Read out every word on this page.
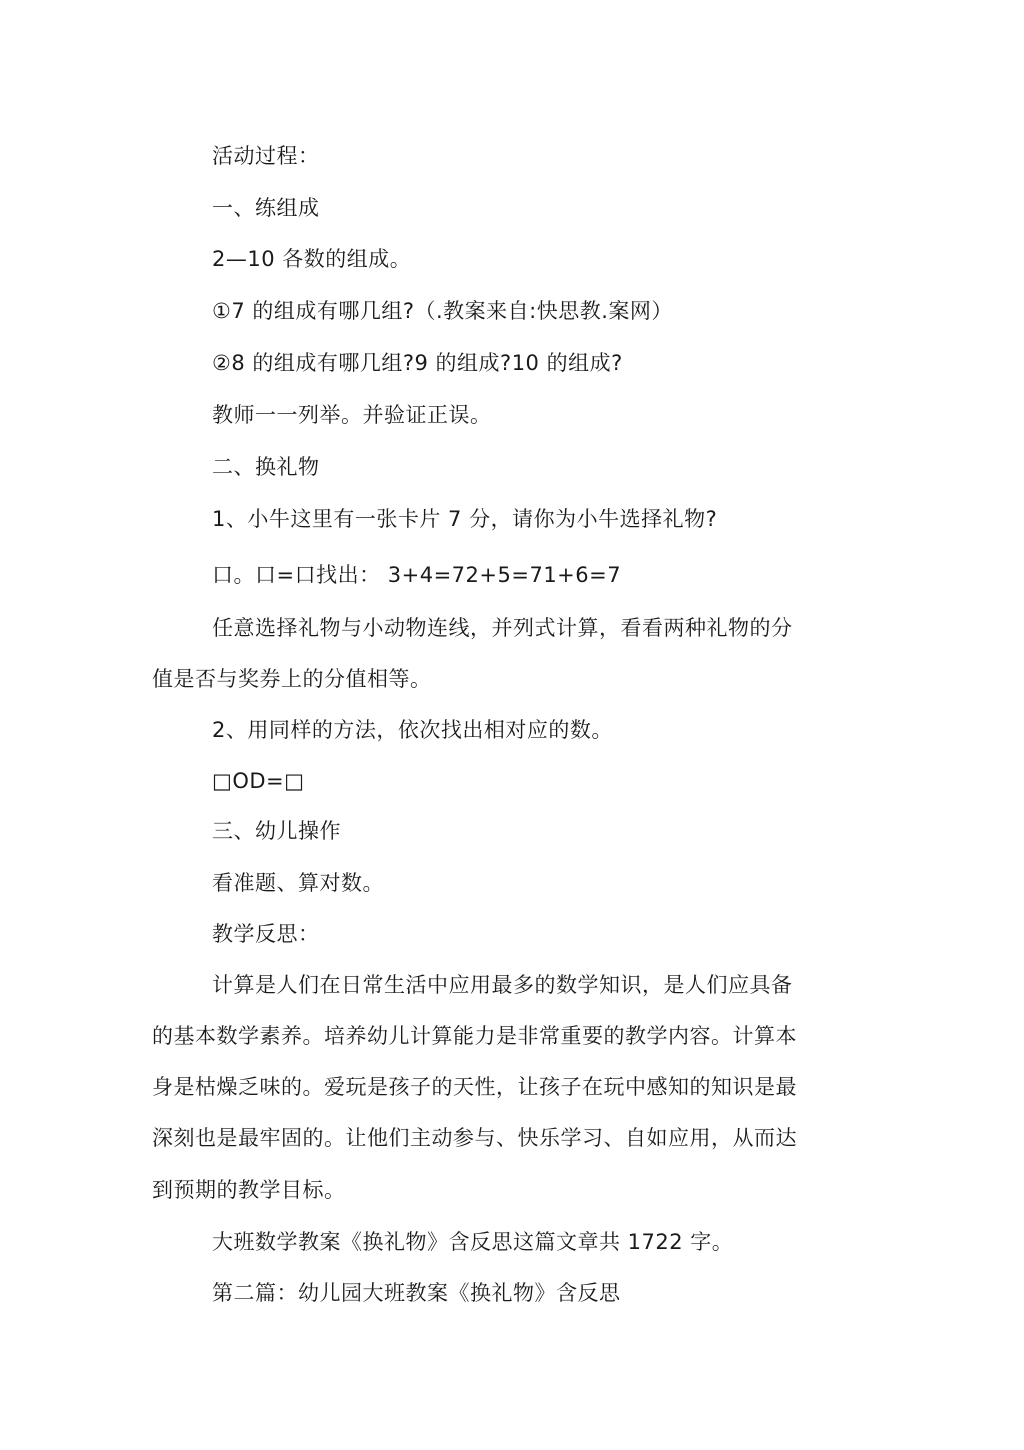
活动过程：
一、练组成
2—10 各数的组成。
①7 的组成有哪几组?（.教案来自:快思教.案网）
②8 的组成有哪几组?9 的组成?10 的组成?
教师一一列举。并验证正误。
二、换礼物
1、小牛这里有一张卡片 7 分，请你为小牛选择礼物?
口。口=口找出： 3+4=72+5=71+6=7
任意选择礼物与小动物连线，并列式计算，看看两种礼物的分
值是否与奖券上的分值相等。
2、用同样的方法，依次找出相对应的数。
□OD=□
三、幼儿操作
看准题、算对数。
教学反思：
计算是人们在日常生活中应用最多的数学知识，是人们应具备
的基本数学素养。培养幼儿计算能力是非常重要的教学内容。计算本
身是枯燥乏味的。爱玩是孩子的天性，让孩子在玩中感知的知识是最
深刻也是最牢固的。让他们主动参与、快乐学习、自如应用，从而达
到预期的教学目标。
大班数学教案《换礼物》含反思这篇文章共 1722 字。
第二篇：幼儿园大班教案《换礼物》含反思
